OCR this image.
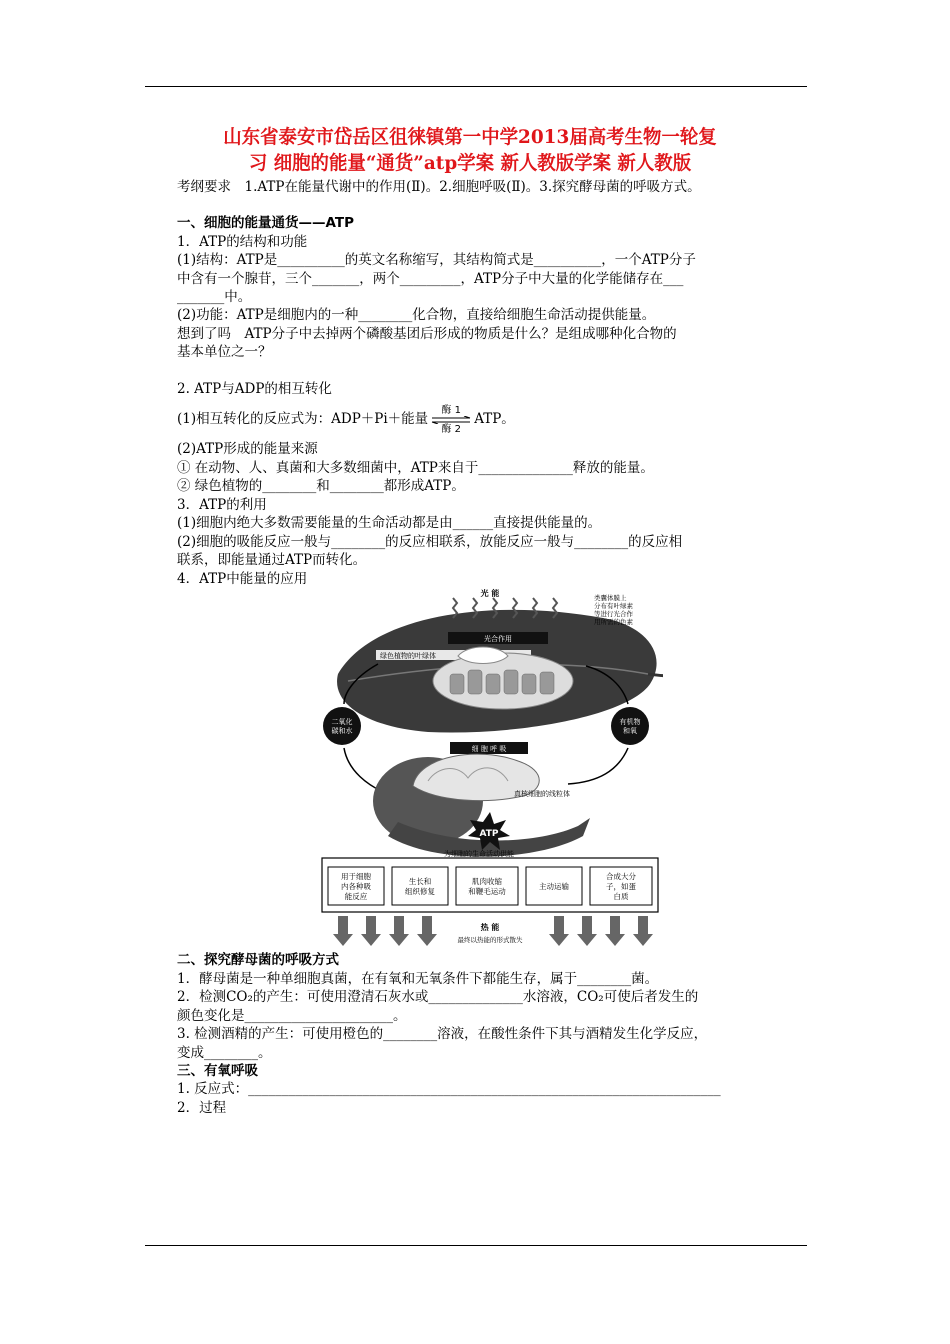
山东省泰安市岱岳区徂徕镇第一中学2013届高考生物一轮复
习 细胞的能量“通货”atp学案 新人教版学案 新人教版
考纲要求　1.ATP在能量代谢中的作用(Ⅱ)。2.细胞呼吸(Ⅱ)。3.探究酵母菌的呼吸方式。
一、细胞的能量通货——ATP
1．ATP的结构和功能
(1)结构：ATP是__________的英文名称缩写，其结构简式是__________，一个ATP分子
中含有一个腺苷，三个_______，两个_________，ATP分子中大量的化学能储存在___
_______中。
(2)功能：ATP是细胞内的一种________化合物，直接给细胞生命活动提供能量。
想到了吗　ATP分子中去掉两个磷酸基团后形成的物质是什么？是组成哪种化合物的
基本单位之一？
2. ATP与ADP的相互转化
(1)相互转化的反应式为：ADP＋Pi＋能量
酶 1
酶 2
ATP。
(2)ATP形成的能量来源
① 在动物、人、真菌和大多数细菌中，ATP来自于______________释放的能量。
② 绿色植物的________和________都形成ATP。
3．ATP的利用
(1)细胞内绝大多数需要能量的生命活动都是由______直接提供能量的。
(2)细胞的吸能反应一般与________的反应相联系，放能反应一般与________的反应相
联系，即能量通过ATP而转化。
4．ATP中能量的应用
光 能	类囊体膜上
分布有叶绿素
等进行光合作
用所需的色素
光合作用
绿色植物的叶绿体
二氧化
碳和水
有机物
和氧
细 胞 呼 吸
真核细胞的线粒体
ATP
为细胞的生命活动供能
用于细胞
内各种吸
能反应
生长和
组织修复
肌肉收缩
和鞭毛运动
主动运输
合成大分
子，如蛋
白质
热 能
最终以热能的形式散失
二、探究酵母菌的呼吸方式
1．酵母菌是一种单细胞真菌，在有氧和无氧条件下都能生存，属于________菌。
2．检测CO₂的产生：可使用澄清石灰水或______________水溶液，CO₂可使后者发生的
颜色变化是______________________。
3. 检测酒精的产生：可使用橙色的________溶液，在酸性条件下其与酒精发生化学反应，
变成________。
三、有氧呼吸
1. 反应式：______________________________________________________________________
2．过程
